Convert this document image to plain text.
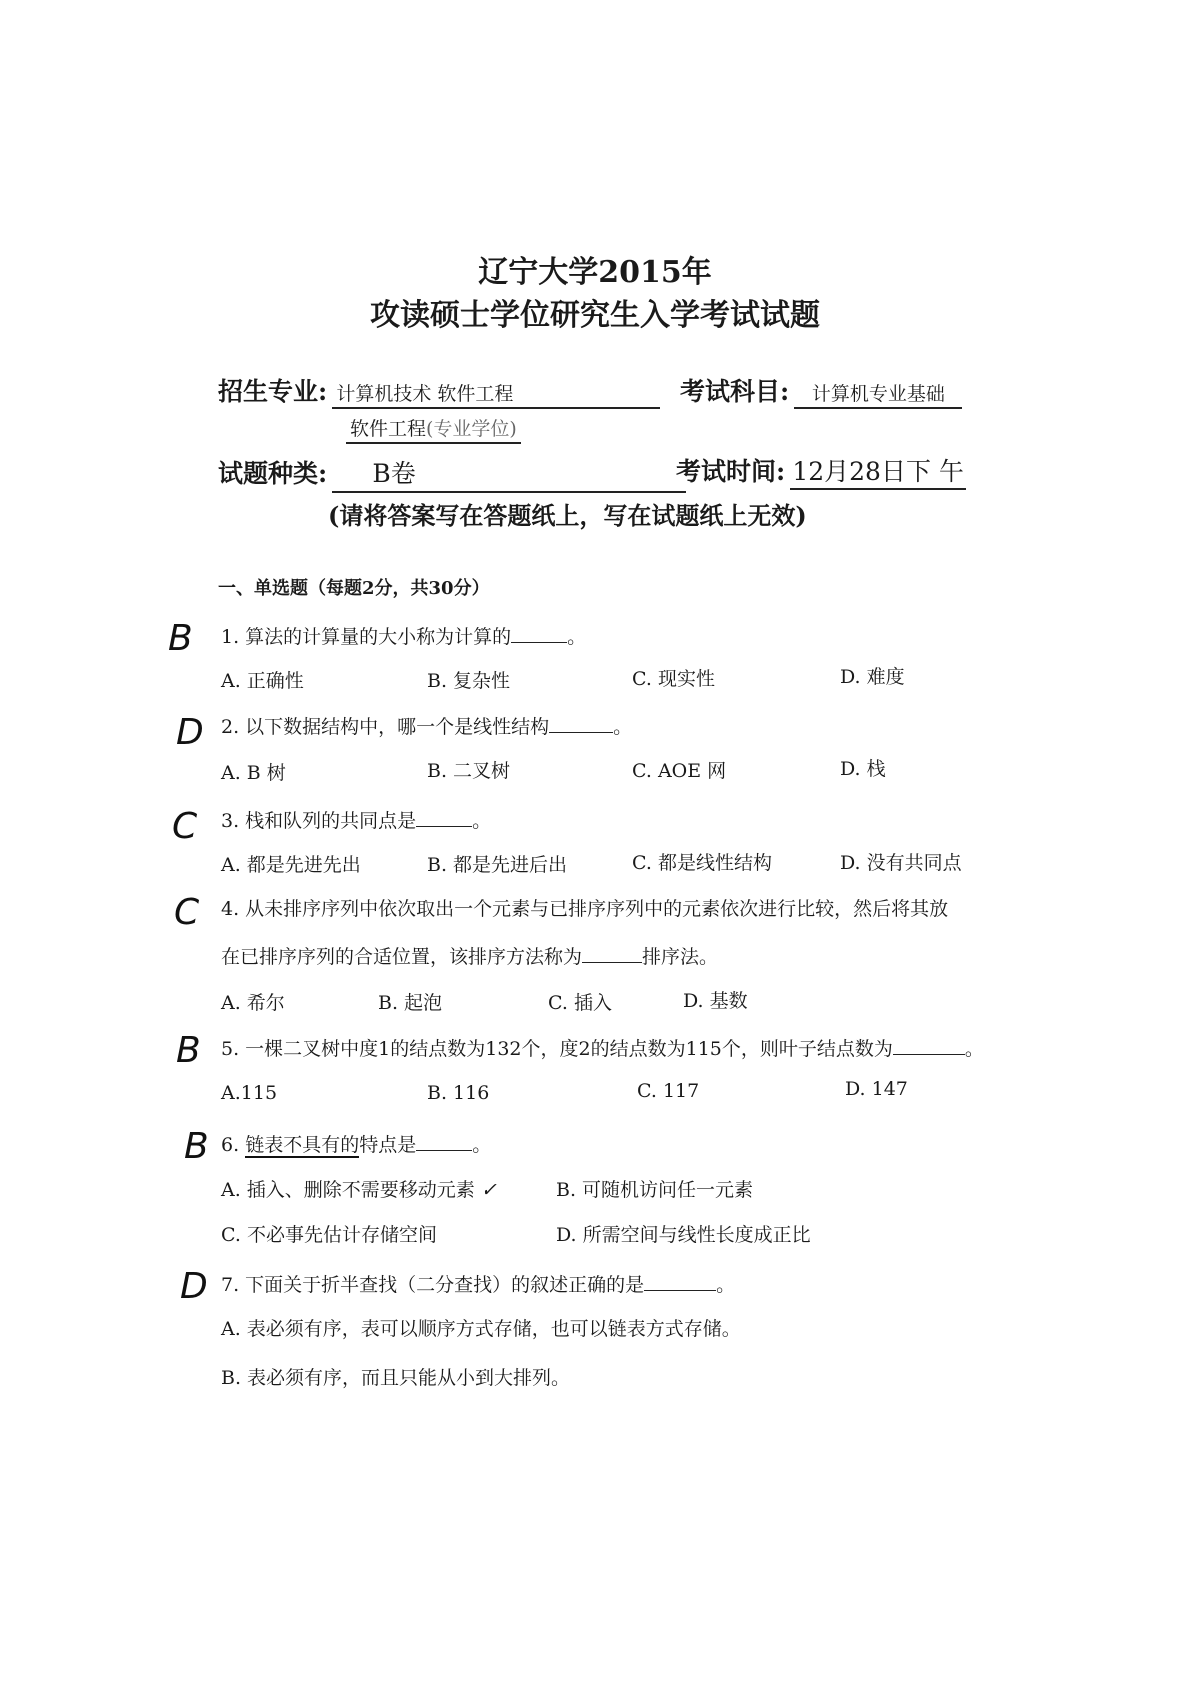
辽宁大学2015年
攻读硕士学位研究生入学考试试题
招生专业: 计算机技术 软件工程	考试科目: 计算机专业基础
软件工程(专业学位)
试题种类: B卷	考试时间: 12月28日下 午
(请将答案写在答题纸上，写在试题纸上无效)
一、单选题（每题2分，共30分）
B 1. 算法的计算量的大小称为计算的	。
A. 正确性	B. 复杂性	C. 现实性	D. 难度
D 2. 以下数据结构中，哪一个是线性结构	。
A. B 树	B. 二叉树	C. AOE 网	D. 栈
C 3. 栈和队列的共同点是	。
A. 都是先进先出	B. 都是先进后出	C. 都是线性结构	D. 没有共同点
C 4. 从未排序序列中依次取出一个元素与已排序序列中的元素依次进行比较，然后将其放
在已排序序列的合适位置，该排序方法称为	排序法。
A. 希尔	B. 起泡	C. 插入	D. 基数
B 5. 一棵二叉树中度1的结点数为132个，度2的结点数为115个，则叶子结点数为	。
A.115	B. 116	C. 117	D. 147
B 6. 链表不具有的特点是	。
A. 插入、删除不需要移动元素 ✓	B. 可随机访问任一元素
C. 不必事先估计存储空间	D. 所需空间与线性长度成正比
D 7. 下面关于折半查找（二分查找）的叙述正确的是	。
A. 表必须有序，表可以顺序方式存储，也可以链表方式存储。
B. 表必须有序，而且只能从小到大排列。
